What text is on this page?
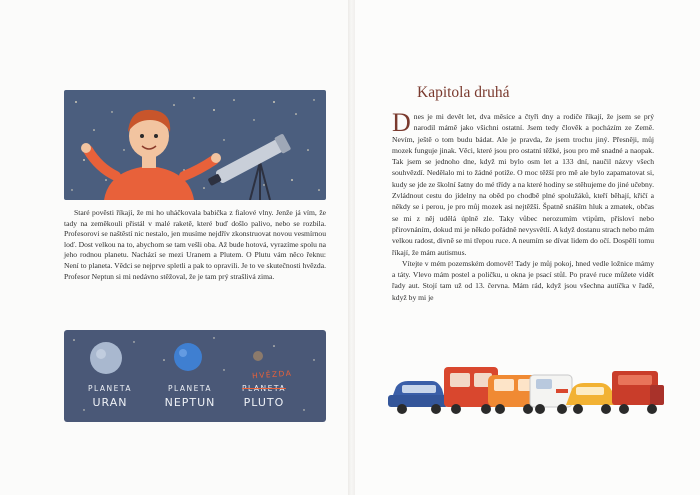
Staré pověsti říkají, že mi ho uháčkovala babička z fialové vlny. Jenže já vím, že tady na zeměkouli přistál v malé raketě, které buď došlo palivo, nebo se rozbila. Profesorovi se naštěstí nic nestalo, jen musíme nejdřív zkonstruovat novou vesmírnou loď. Dost velkou na to, abychom se tam vešli oba. Až bude hotová, vyrazíme spolu na jeho rodnou planetu. Nachází se mezi Uranem a Plutem. O Plutu vám něco řeknu: Není to planeta. Vědci se nejprve spletli a pak to opravili. Je to ve skutečnosti hvězda. Profesor Neptun si mi nedávno stěžoval, že je tam prý strašlivá zima.

PLANETA
URAN
PLANETA
NEPTUN
HVĚZDA
PLANETA
PLUTO
Kapitola druhá

Dnes je mi devět let, dva měsíce a čtyři dny a rodiče říkají, že jsem se prý narodil mámě jako všichni ostatní. Jsem tedy člověk a pocházím ze Země. Nevím, ještě o tom budu bádat. Ale je pravda, že jsem trochu jiný. Přesněji, můj mozek funguje jinak. Věci, které jsou pro ostatní těžké, jsou pro mě snadné a naopak. Tak jsem se jednoho dne, když mi bylo osm let a 133 dní, naučil názvy všech souhvězdí. Nedělalo mi to žádné potíže. O moc těžší pro mě ale bylo zapamatovat si, kudy se jde ze školní šatny do mé třídy a na které hodiny se stěhujeme do jiné učebny. Zvládnout cestu do jídelny na oběd po chodbě plné spolužáků, kteří běhají, křičí a někdy se i perou, je pro můj mozek asi nejtěžší. Špatně snáším hluk a zmatek, občas se mi z něj udělá úplně zle. Taky vůbec nerozumím vtipům, přísloví nebo přirovnáním, dokud mi je někdo pořádně nevysvětlí. A když dostanu strach nebo mám velkou radost, divně se mi třepou ruce. A neumím se dívat lidem do očí. Dospělí tomu říkají, že mám autismus.

Vítejte v mém pozemském domově! Tady je můj pokoj, hned vedle ložnice mámy a táty. Vlevo mám postel a poličku, u okna je psací stůl. Po pravé ruce můžete vidět řady aut. Stojí tam už od 13. června. Mám rád, když jsou všechna autíčka v řadě, když by mi je
